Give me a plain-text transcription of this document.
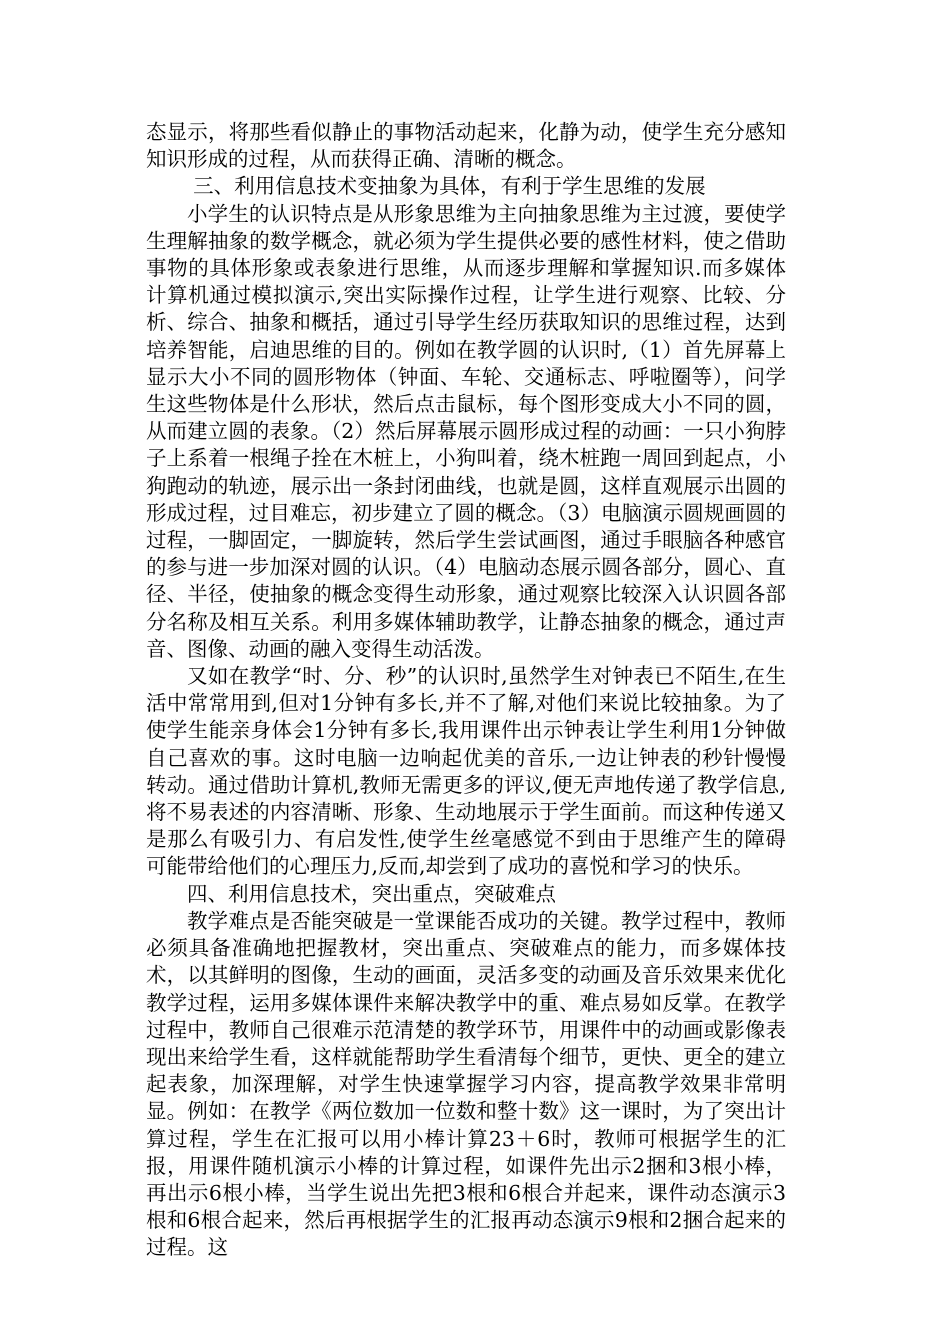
态显示，将那些看似静止的事物活动起来，化静为动，使学生充分感知知识形成的过程，从而获得正确、清晰的概念。

三、利用信息技术变抽象为具体，有利于学生思维的发展

小学生的认识特点是从形象思维为主向抽象思维为主过渡，要使学生理解抽象的数学概念，就必须为学生提供必要的感性材料，使之借助事物的具体形象或表象进行思维，从而逐步理解和掌握知识.而多媒体计算机通过模拟演示,突出实际操作过程，让学生进行观察、比较、分析、综合、抽象和概括，通过引导学生经历获取知识的思维过程，达到培养智能，启迪思维的目的。例如在教学圆的认识时,（1）首先屏幕上显示大小不同的圆形物体（钟面、车轮、交通标志、呼啦圈等），问学生这些物体是什么形状，然后点击鼠标，每个图形变成大小不同的圆，从而建立圆的表象。（2）然后屏幕展示圆形成过程的动画：一只小狗脖子上系着一根绳子拴在木桩上，小狗叫着，绕木桩跑一周回到起点，小狗跑动的轨迹，展示出一条封闭曲线，也就是圆，这样直观展示出圆的形成过程，过目难忘，初步建立了圆的概念。（3）电脑演示圆规画圆的过程，一脚固定，一脚旋转，然后学生尝试画图，通过手眼脑各种感官的参与进一步加深对圆的认识。（4）电脑动态展示圆各部分，圆心、直径、半径，使抽象的概念变得生动形象，通过观察比较深入认识圆各部分名称及相互关系。利用多媒体辅助教学，让静态抽象的概念，通过声音、图像、动画的融入变得生动活泼。

又如在教学“时、分、秒”的认识时,虽然学生对钟表已不陌生,在生活中常常用到,但对1分钟有多长,并不了解,对他们来说比较抽象。为了使学生能亲身体会1分钟有多长,我用课件出示钟表让学生利用1分钟做自己喜欢的事。这时电脑一边响起优美的音乐,一边让钟表的秒针慢慢转动。通过借助计算机,教师无需更多的评议,便无声地传递了教学信息,将不易表述的内容清晰、形象、生动地展示于学生面前。而这种传递又是那么有吸引力、有启发性,使学生丝毫感觉不到由于思维产生的障碍可能带给他们的心理压力,反而,却尝到了成功的喜悦和学习的快乐。

四、利用信息技术，突出重点，突破难点

教学难点是否能突破是一堂课能否成功的关键。教学过程中，教师必须具备准确地把握教材，突出重点、突破难点的能力，而多媒体技术，以其鲜明的图像，生动的画面，灵活多变的动画及音乐效果来优化教学过程，运用多媒体课件来解决教学中的重、难点易如反掌。在教学过程中，教师自己很难示范清楚的教学环节，用课件中的动画或影像表现出来给学生看，这样就能帮助学生看清每个细节，更快、更全的建立起表象，加深理解，对学生快速掌握学习内容，提高教学效果非常明显。例如：在教学《两位数加一位数和整十数》这一课时，为了突出计算过程，学生在汇报可以用小棒计算23＋6时，教师可根据学生的汇报，用课件随机演示小棒的计算过程，如课件先出示2捆和3根小棒，再出示6根小棒，当学生说出先把3根和6根合并起来，课件动态演示3根和6根合起来，然后再根据学生的汇报再动态演示9根和2捆合起来的过程。这
